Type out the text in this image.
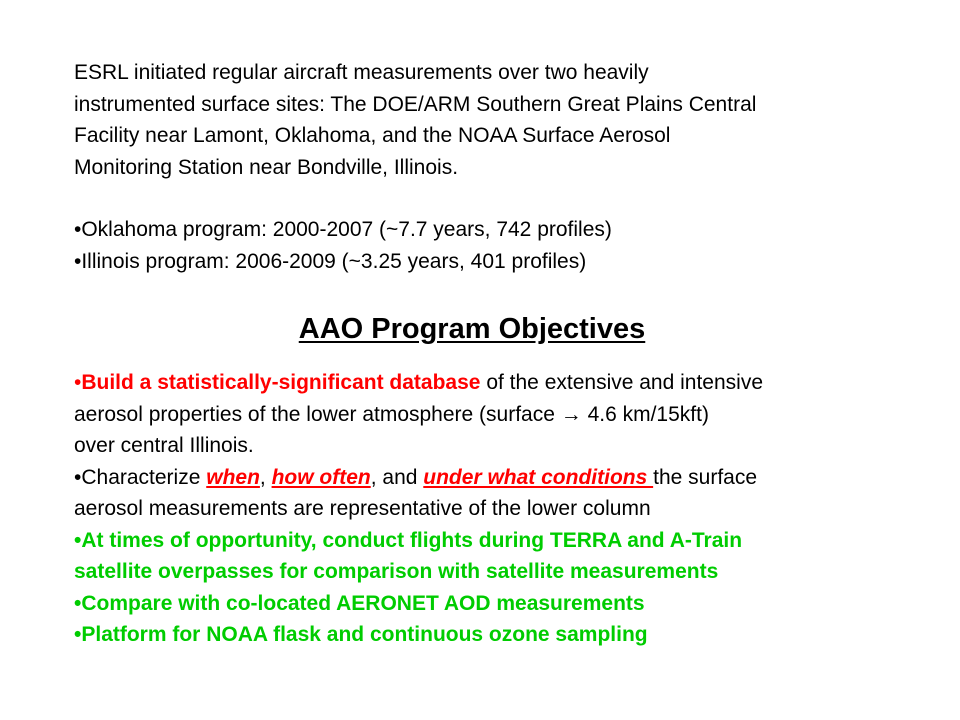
ESRL initiated regular aircraft measurements over two heavily
instrumented surface sites: The DOE/ARM Southern Great Plains Central
Facility near Lamont, Oklahoma, and the NOAA Surface Aerosol
Monitoring Station near Bondville, Illinois.
•Oklahoma program: 2000-2007 (~7.7 years, 742 profiles)
•Illinois program: 2006-2009 (~3.25 years, 401 profiles)
AAO Program Objectives
•Build a statistically-significant database of the extensive and intensive
aerosol properties of the lower atmosphere (surface → 4.6 km/15kft)
over central Illinois.
•Characterize when, how often, and under what conditions the surface
aerosol measurements are representative of the lower column
•At times of opportunity, conduct flights during TERRA and A-Train
satellite overpasses for comparison with satellite measurements
•Compare with co-located AERONET AOD measurements
•Platform for NOAA flask and continuous ozone sampling
